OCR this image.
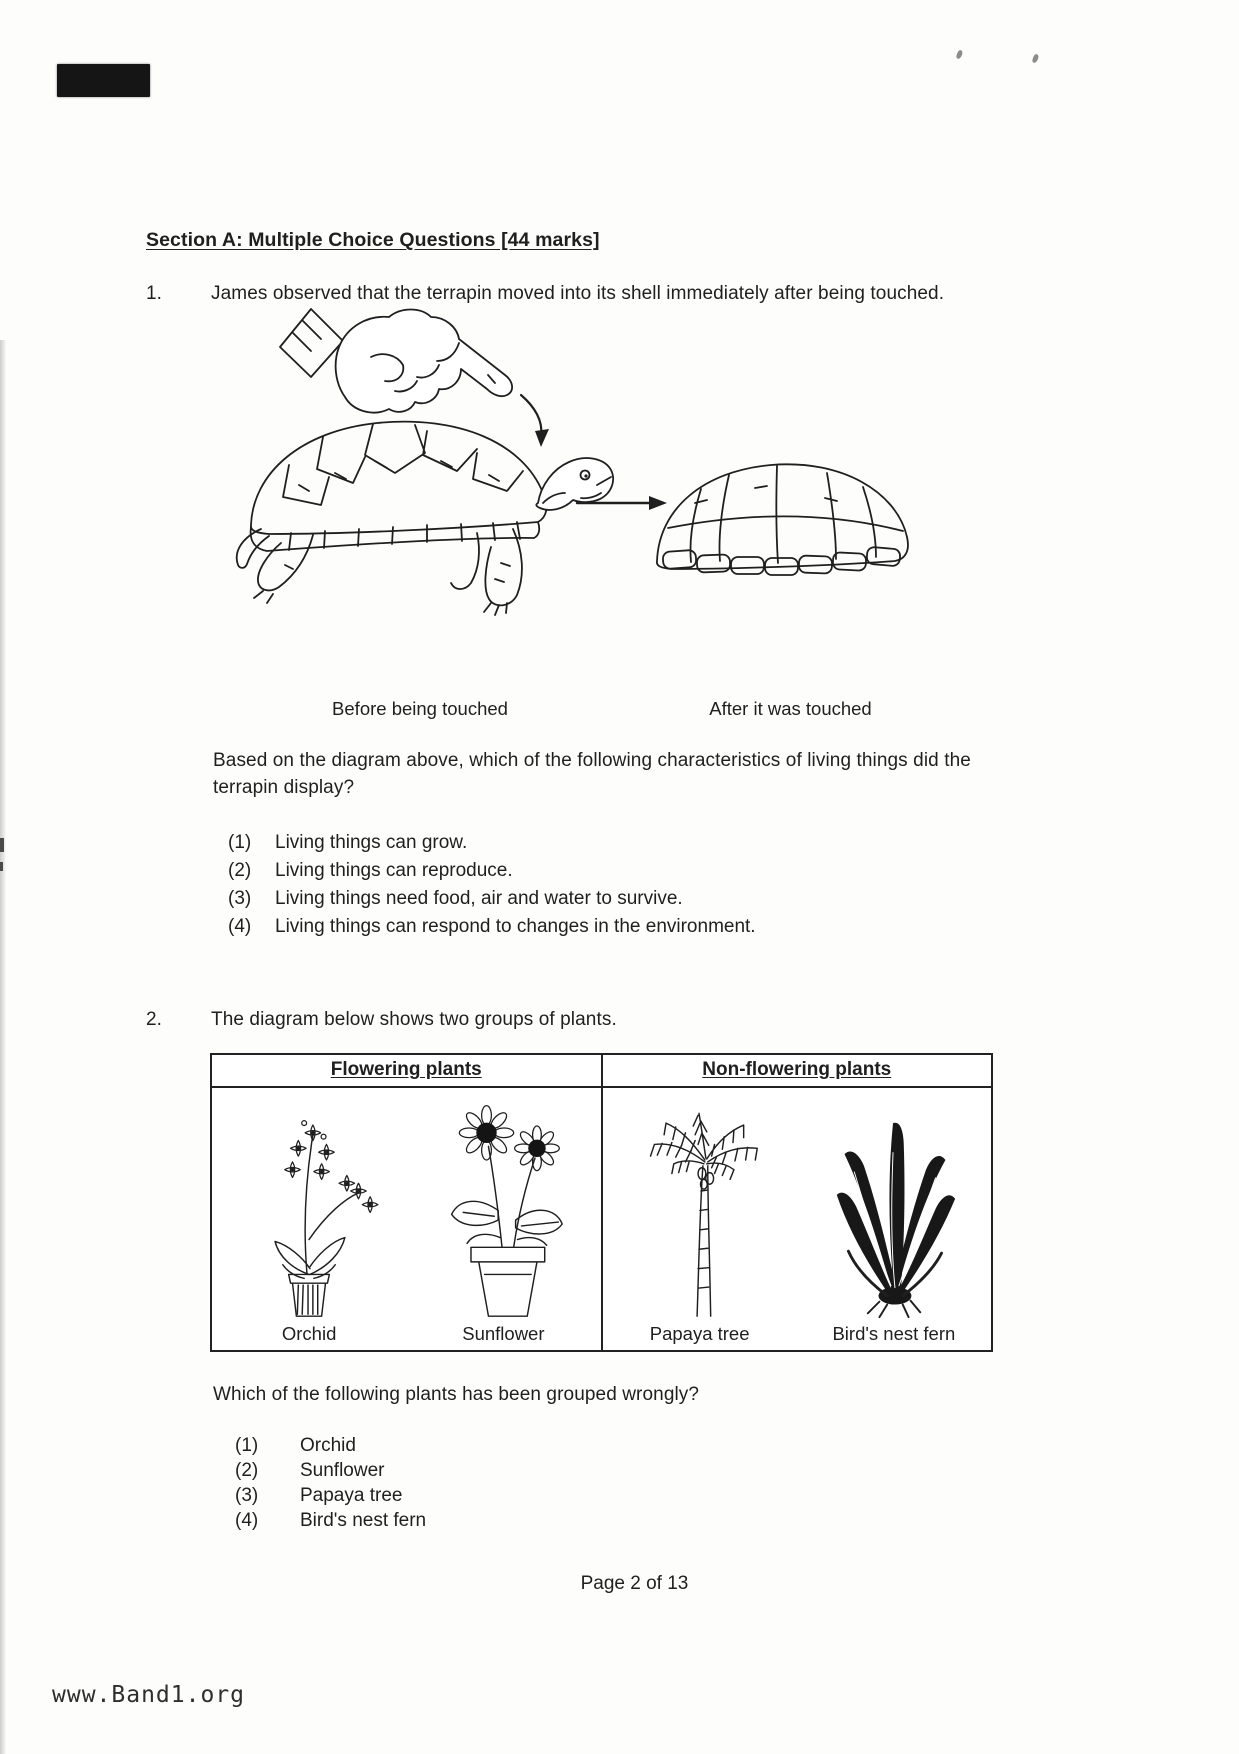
Section A: Multiple Choice Questions [44 marks]
1.	James observed that the terrapin moved into its shell immediately after being touched.
Before being touched	After it was touched
Based on the diagram above, which of the following characteristics of living things did the terrapin display?
(1)	Living things can grow.
(2)	Living things can reproduce.
(3)	Living things need food, air and water to survive.
(4)	Living things can respond to changes in the environment.
2.	The diagram below shows two groups of plants.
Flowering plants	Non-flowering plants
Orchid	Sunflower	Papaya tree	Bird's nest fern
Which of the following plants has been grouped wrongly?
(1)	Orchid
(2)	Sunflower
(3)	Papaya tree
(4)	Bird's nest fern
Page 2 of 13
www.Band1.org
